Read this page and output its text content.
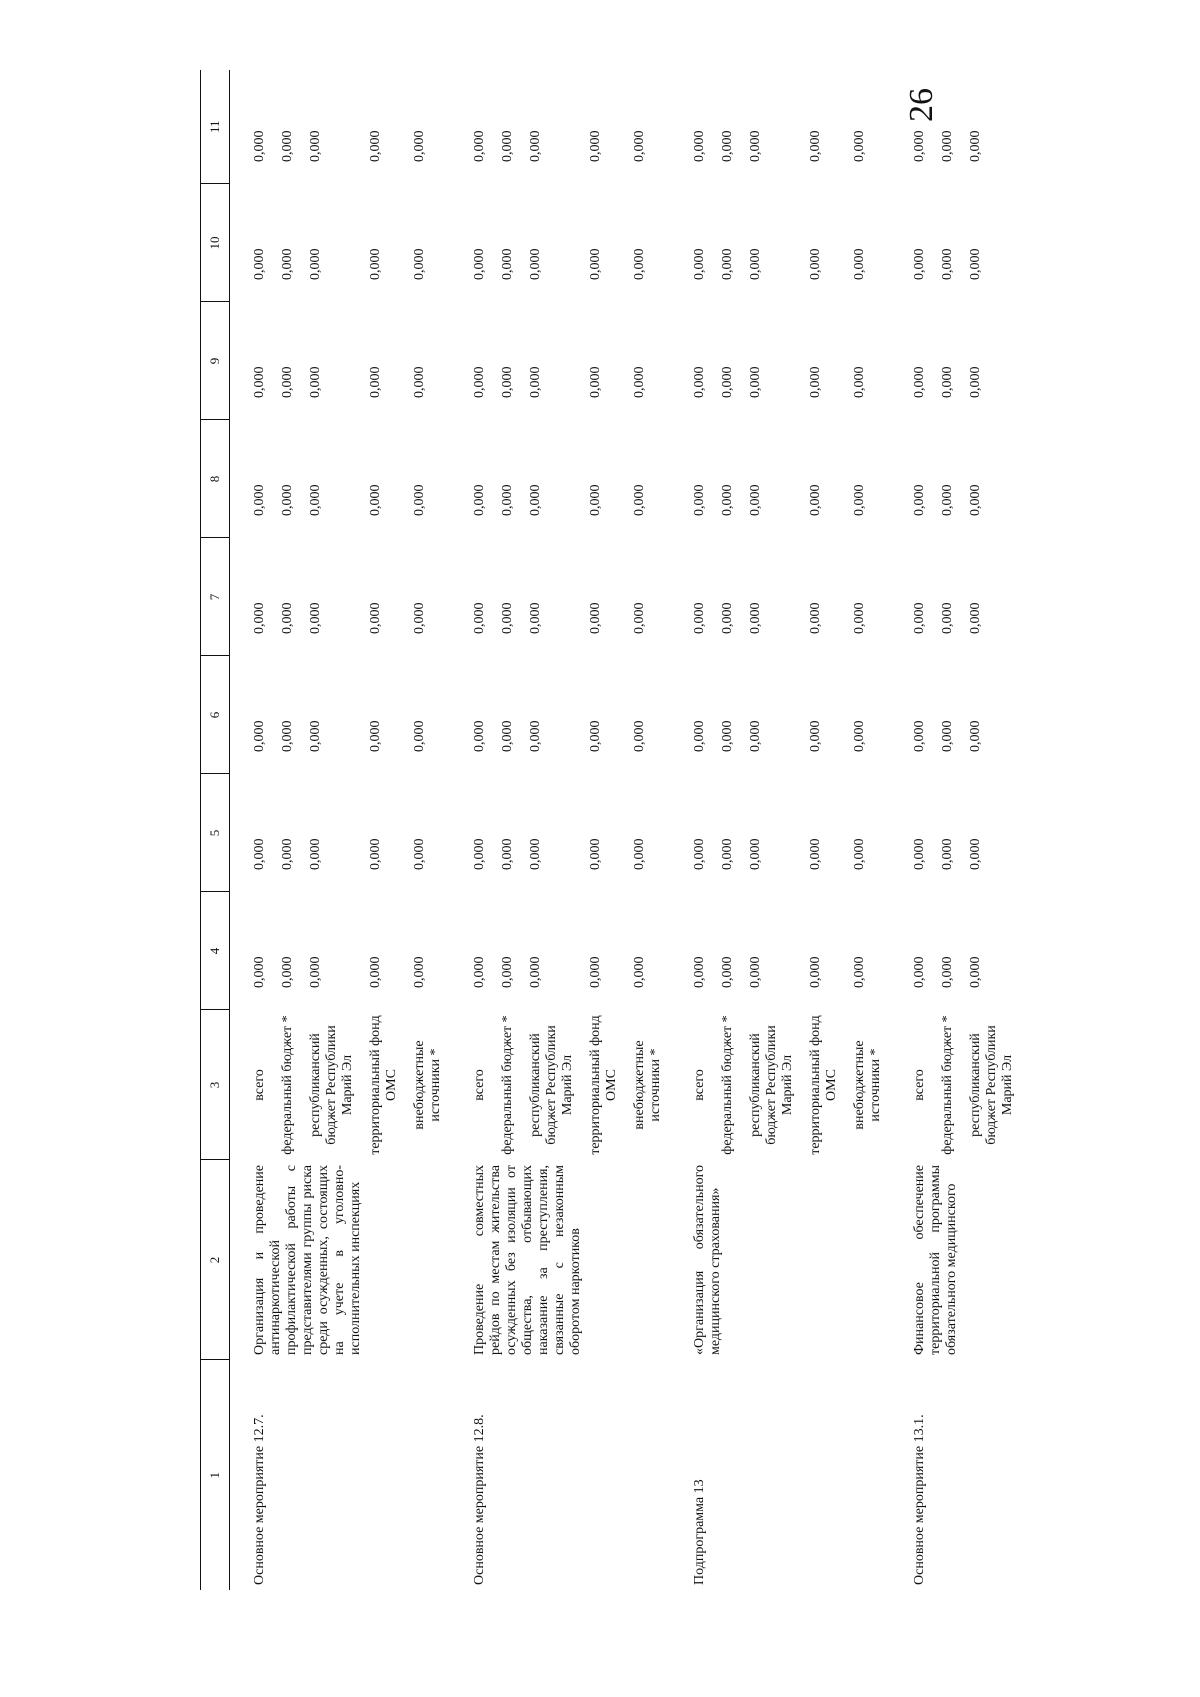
26
1	2	3	4	5	6	7	8	9	10	11
Основное мероприятие 12.7.	Организация и проведение антинаркотической профилактической работы с представителями группы риска среди осужденных, состоящих на учете в уголовно-исполнительных инспекциях	всего	0,000	0,000	0,000	0,000	0,000	0,000	0,000	0,000
		федеральный бюджет *	0,000	0,000	0,000	0,000	0,000	0,000	0,000	0,000
		республиканский бюджет Республики Марий Эл	0,000	0,000	0,000	0,000	0,000	0,000	0,000	0,000
		территориальный фонд ОМС	0,000	0,000	0,000	0,000	0,000	0,000	0,000	0,000
		внебюджетные источники *	0,000	0,000	0,000	0,000	0,000	0,000	0,000	0,000
Основное мероприятие 12.8.	Проведение совместных рейдов по местам жительства осужденных без изоляции от общества, отбывающих наказание за преступления, связанные с незаконным оборотом наркотиков	всего	0,000	0,000	0,000	0,000	0,000	0,000	0,000	0,000
		федеральный бюджет *	0,000	0,000	0,000	0,000	0,000	0,000	0,000	0,000
		республиканский бюджет Республики Марий Эл	0,000	0,000	0,000	0,000	0,000	0,000	0,000	0,000
		территориальный фонд ОМС	0,000	0,000	0,000	0,000	0,000	0,000	0,000	0,000
		внебюджетные источники *	0,000	0,000	0,000	0,000	0,000	0,000	0,000	0,000
Подпрограмма 13	«Организация обязательного медицинского страхования»	всего	0,000	0,000	0,000	0,000	0,000	0,000	0,000	0,000
		федеральный бюджет *	0,000	0,000	0,000	0,000	0,000	0,000	0,000	0,000
		республиканский бюджет Республики Марий Эл	0,000	0,000	0,000	0,000	0,000	0,000	0,000	0,000
		территориальный фонд ОМС	0,000	0,000	0,000	0,000	0,000	0,000	0,000	0,000
		внебюджетные источники *	0,000	0,000	0,000	0,000	0,000	0,000	0,000	0,000
Основное мероприятие 13.1.	Финансовое обеспечение территориальной программы обязательного медицинского	всего	0,000	0,000	0,000	0,000	0,000	0,000	0,000	0,000
		федеральный бюджет *	0,000	0,000	0,000	0,000	0,000	0,000	0,000	0,000
		республиканский бюджет Республики Марий Эл	0,000	0,000	0,000	0,000	0,000	0,000	0,000	0,000
